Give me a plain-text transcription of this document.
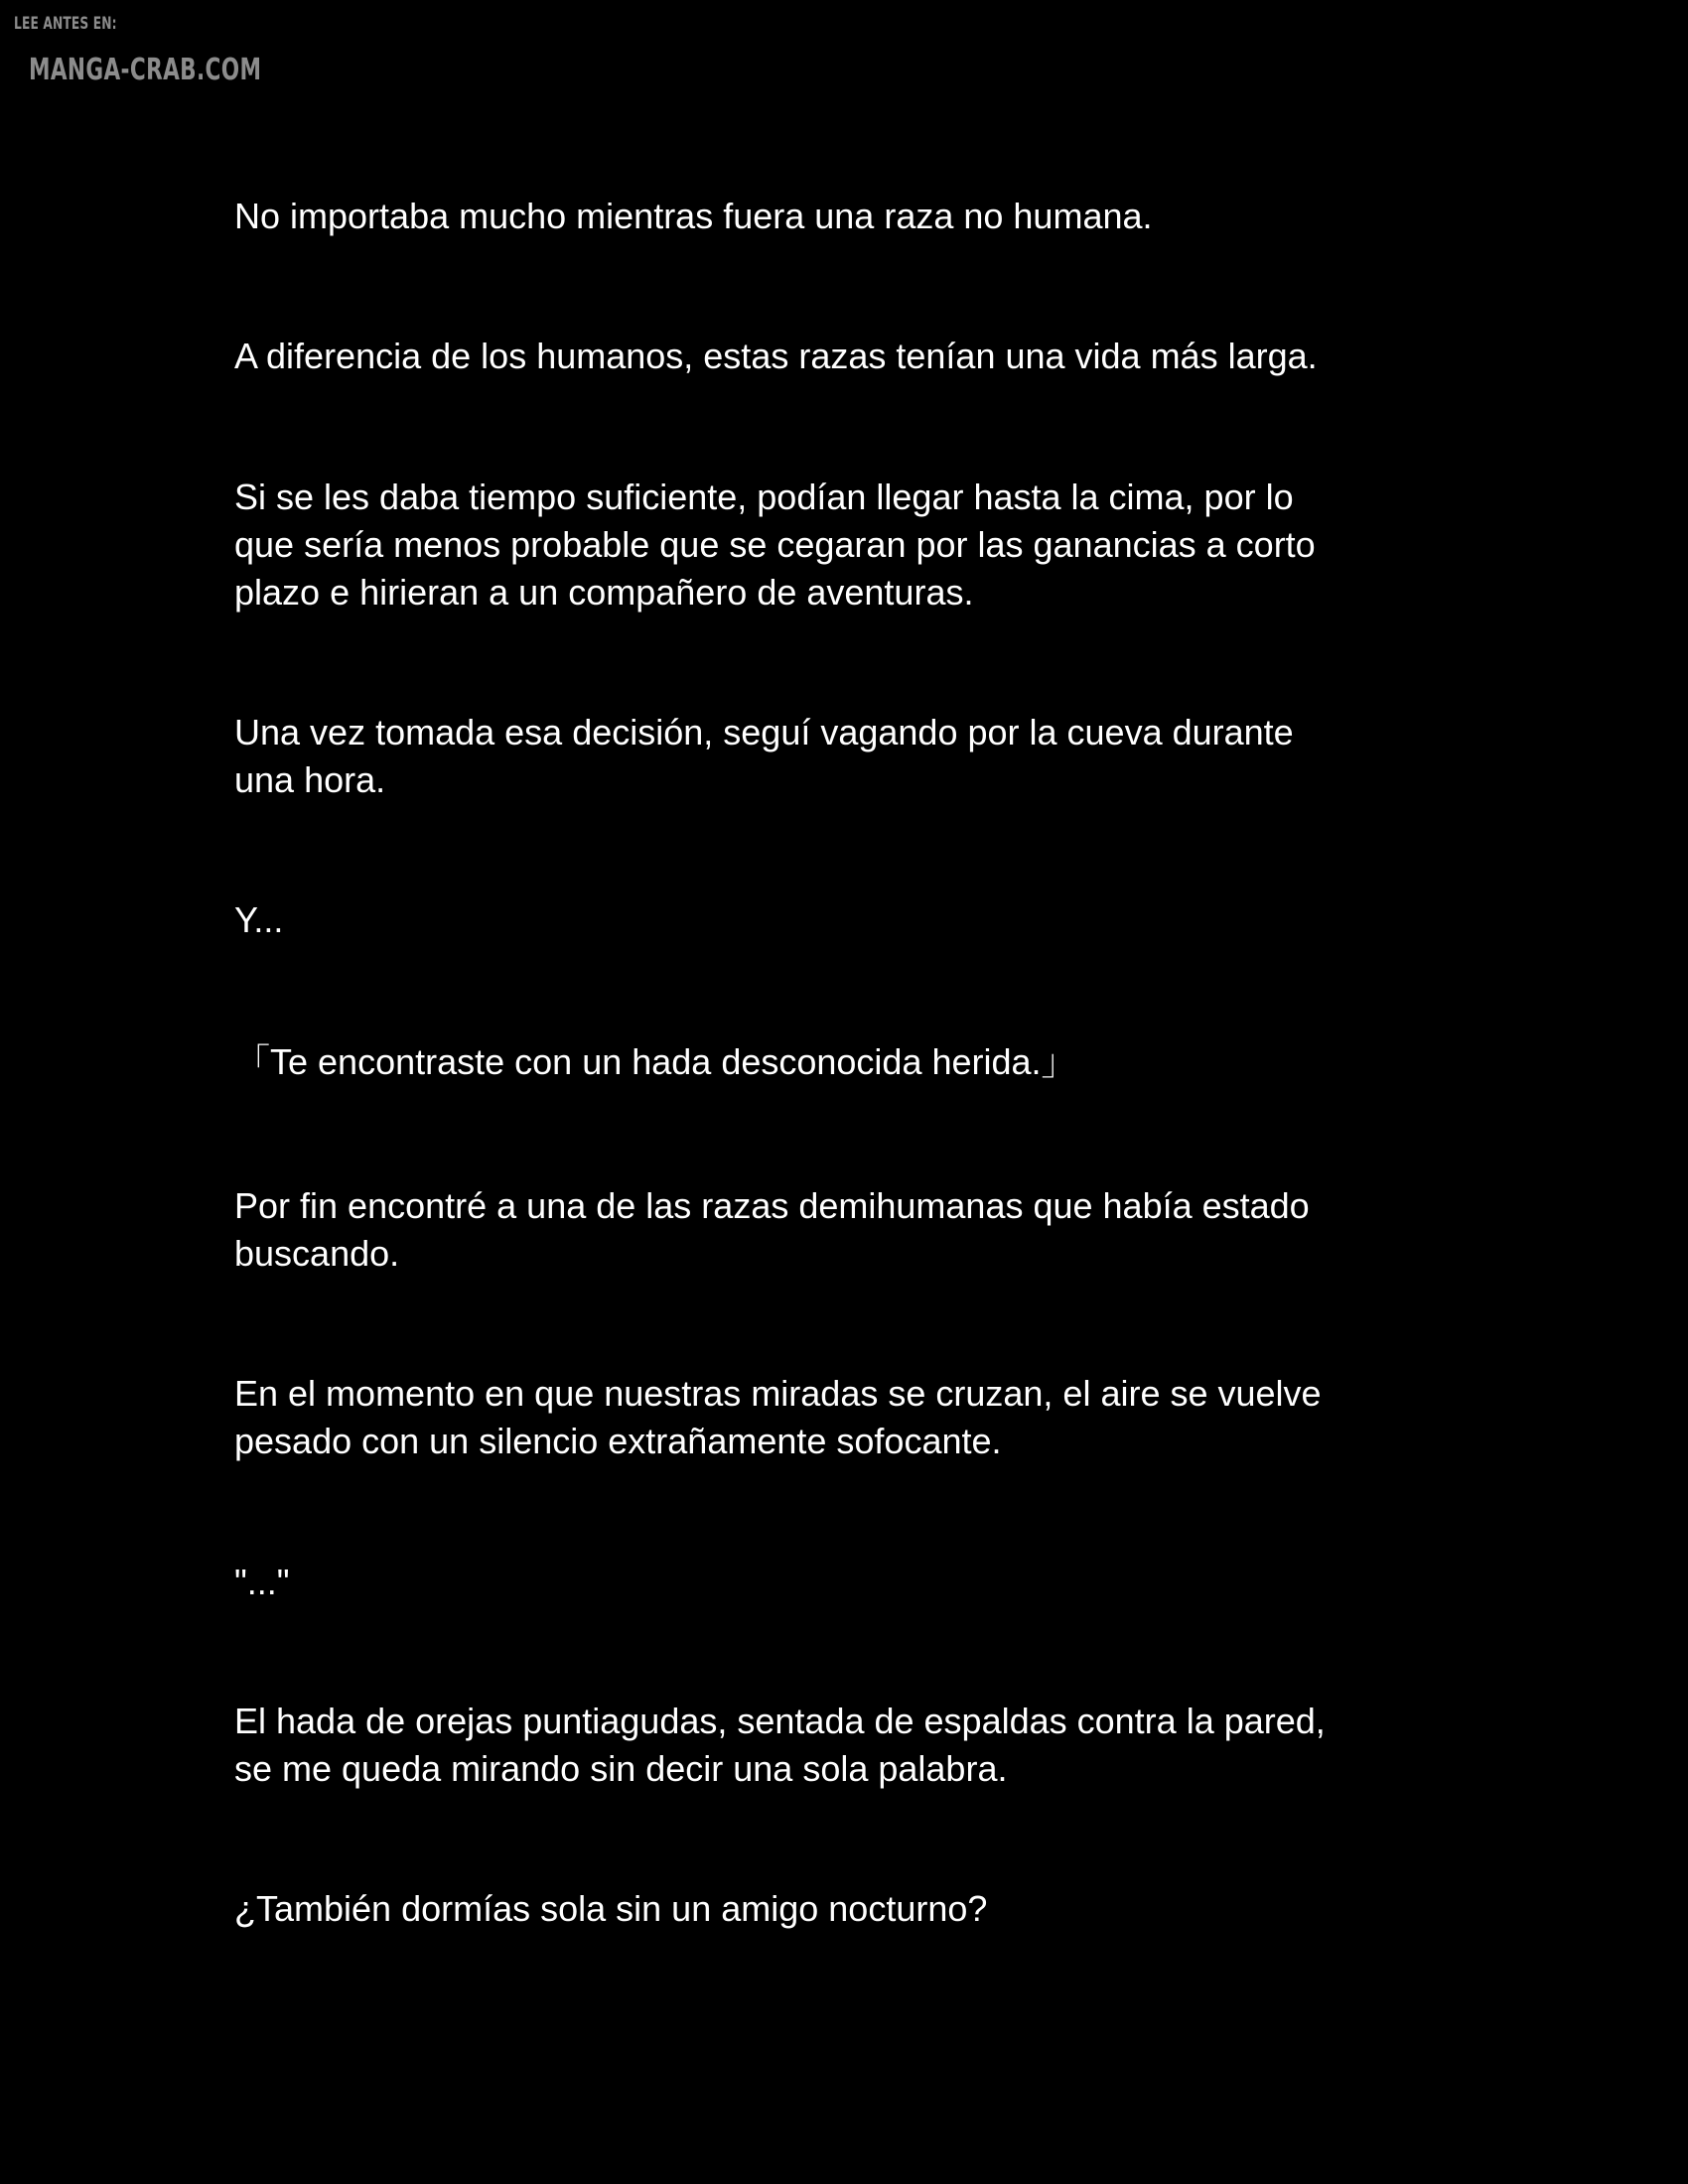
LEE ANTES EN:
MANGA-CRAB.COM

No importaba mucho mientras fuera una raza no humana.

A diferencia de los humanos, estas razas tenían una vida más larga.

Si se les daba tiempo suficiente, podían llegar hasta la cima, por lo
que sería menos probable que se cegaran por las ganancias a corto
plazo e hirieran a un compañero de aventuras.

Una vez tomada esa decisión, seguí vagando por la cueva durante
una hora.

Y...

「Te encontraste con un hada desconocida herida.」

Por fin encontré a una de las razas demihumanas que había estado
buscando.

En el momento en que nuestras miradas se cruzan, el aire se vuelve
pesado con un silencio extrañamente sofocante.

"..."

El hada de orejas puntiagudas, sentada de espaldas contra la pared,
se me queda mirando sin decir una sola palabra.

¿También dormías sola sin un amigo nocturno?
